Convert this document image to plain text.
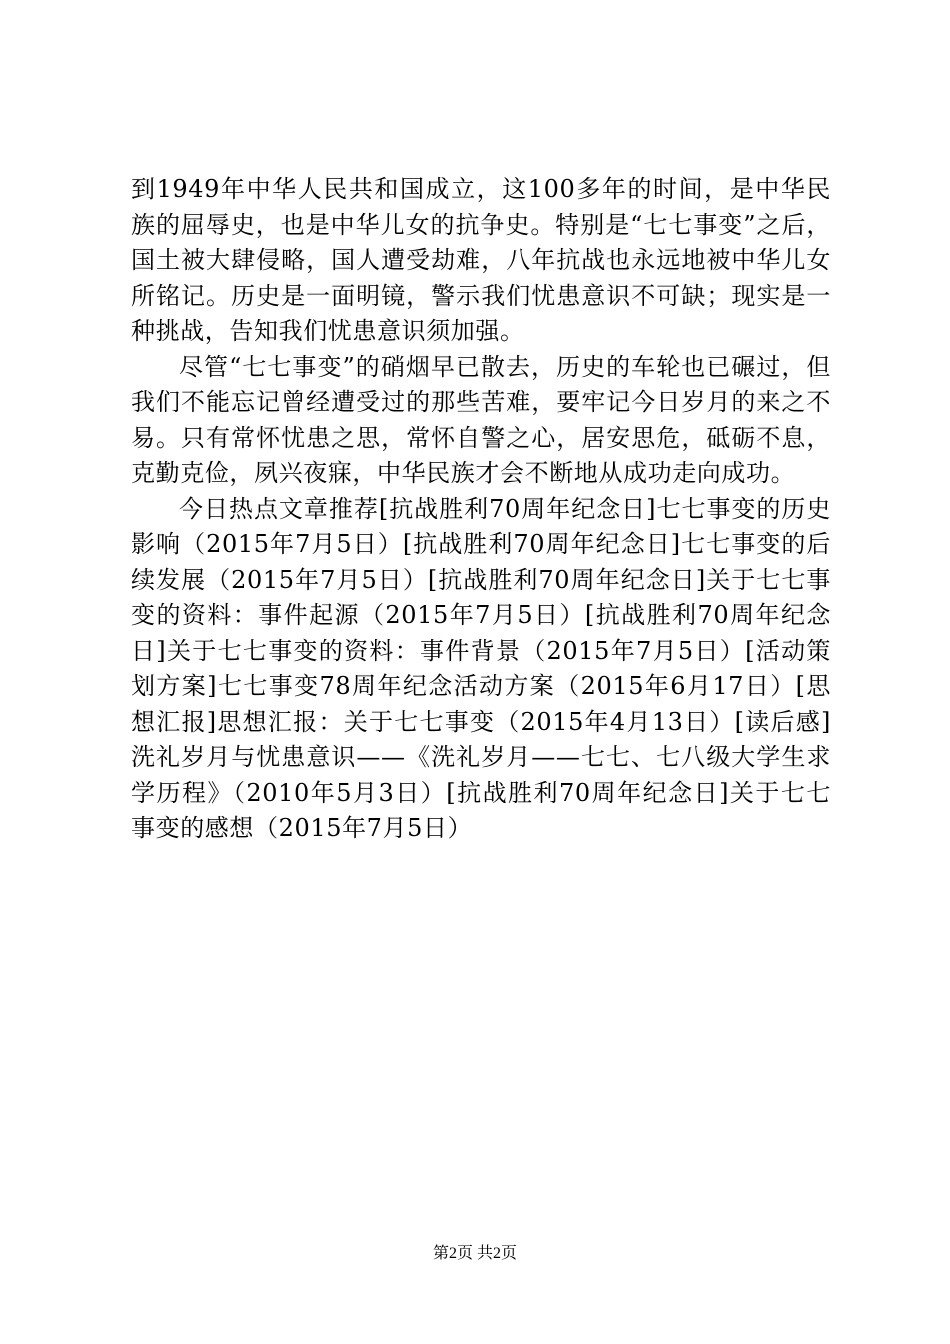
到1949年中华人民共和国成立，这100多年的时间，是中华民族的屈辱史，也是中华儿女的抗争史。特别是“七七事变”之后，国土被大肆侵略，国人遭受劫难，八年抗战也永远地被中华儿女所铭记。历史是一面明镜，警示我们忧患意识不可缺；现实是一种挑战，告知我们忧患意识须加强。

尽管“七七事变”的硝烟早已散去，历史的车轮也已碾过，但我们不能忘记曾经遭受过的那些苦难，要牢记今日岁月的来之不易。只有常怀忧患之思，常怀自警之心，居安思危，砥砺不息，克勤克俭，夙兴夜寐，中华民族才会不断地从成功走向成功。

今日热点文章推荐[抗战胜利70周年纪念日]七七事变的历史影响（2015年7月5日）[抗战胜利70周年纪念日]七七事变的后续发展（2015年7月5日）[抗战胜利70周年纪念日]关于七七事变的资料：事件起源（2015年7月5日）[抗战胜利70周年纪念日]关于七七事变的资料：事件背景（2015年7月5日）[活动策划方案]七七事变78周年纪念活动方案（2015年6月17日）[思想汇报]思想汇报：关于七七事变（2015年4月13日）[读后感]洗礼岁月与忧患意识——《洗礼岁月——七七、七八级大学生求学历程》（2010年5月3日）[抗战胜利70周年纪念日]关于七七事变的感想（2015年7月5日）

第2页 共2页
